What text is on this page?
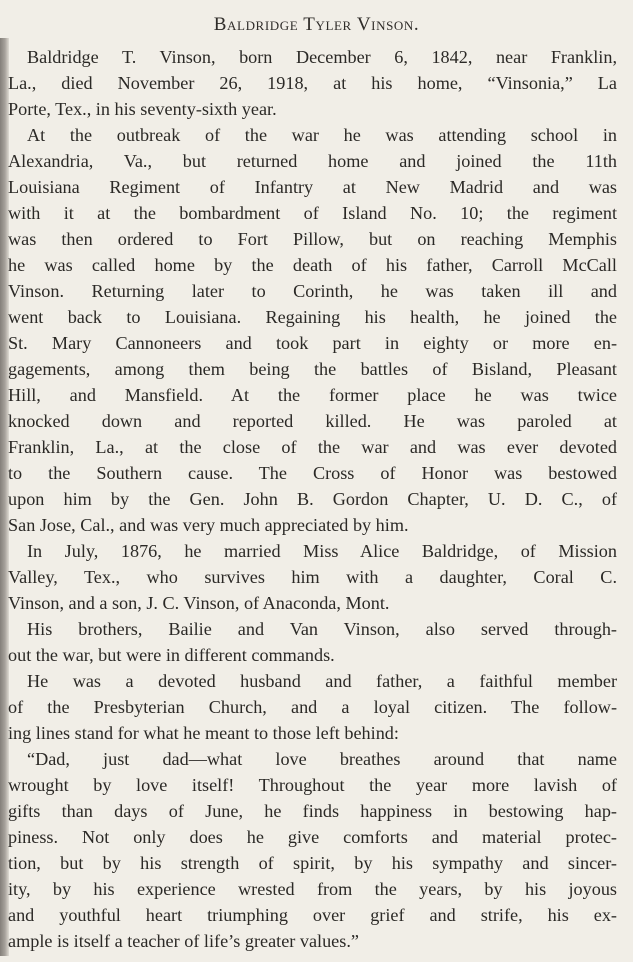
Baldridge Tyler Vinson.
Baldridge T. Vinson, born December 6, 1842, near Franklin,
La., died November 26, 1918, at his home, “Vinsonia,” La
Porte, Tex., in his seventy-sixth year.
At the outbreak of the war he was attending school in
Alexandria, Va., but returned home and joined the 11th
Louisiana Regiment of Infantry at New Madrid and was
with it at the bombardment of Island No. 10; the regiment
was then ordered to Fort Pillow, but on reaching Memphis
he was called home by the death of his father, Carroll McCall
Vinson. Returning later to Corinth, he was taken ill and
went back to Louisiana. Regaining his health, he joined the
St. Mary Cannoneers and took part in eighty or more en-
gagements, among them being the battles of Bisland, Pleasant
Hill, and Mansfield. At the former place he was twice
knocked down and reported killed. He was paroled at
Franklin, La., at the close of the war and was ever devoted
to the Southern cause. The Cross of Honor was bestowed
upon him by the Gen. John B. Gordon Chapter, U. D. C., of
San Jose, Cal., and was very much appreciated by him.
In July, 1876, he married Miss Alice Baldridge, of Mission
Valley, Tex., who survives him with a daughter, Coral C.
Vinson, and a son, J. C. Vinson, of Anaconda, Mont.
His brothers, Bailie and Van Vinson, also served through-
out the war, but were in different commands.
He was a devoted husband and father, a faithful member
of the Presbyterian Church, and a loyal citizen. The follow-
ing lines stand for what he meant to those left behind:
“Dad, just dad—what love breathes around that name
wrought by love itself! Throughout the year more lavish of
gifts than days of June, he finds happiness in bestowing hap-
piness. Not only does he give comforts and material protec-
tion, but by his strength of spirit, by his sympathy and sincer-
ity, by his experience wrested from the years, by his joyous
and youthful heart triumphing over grief and strife, his ex-
ample is itself a teacher of life’s greater values.”
